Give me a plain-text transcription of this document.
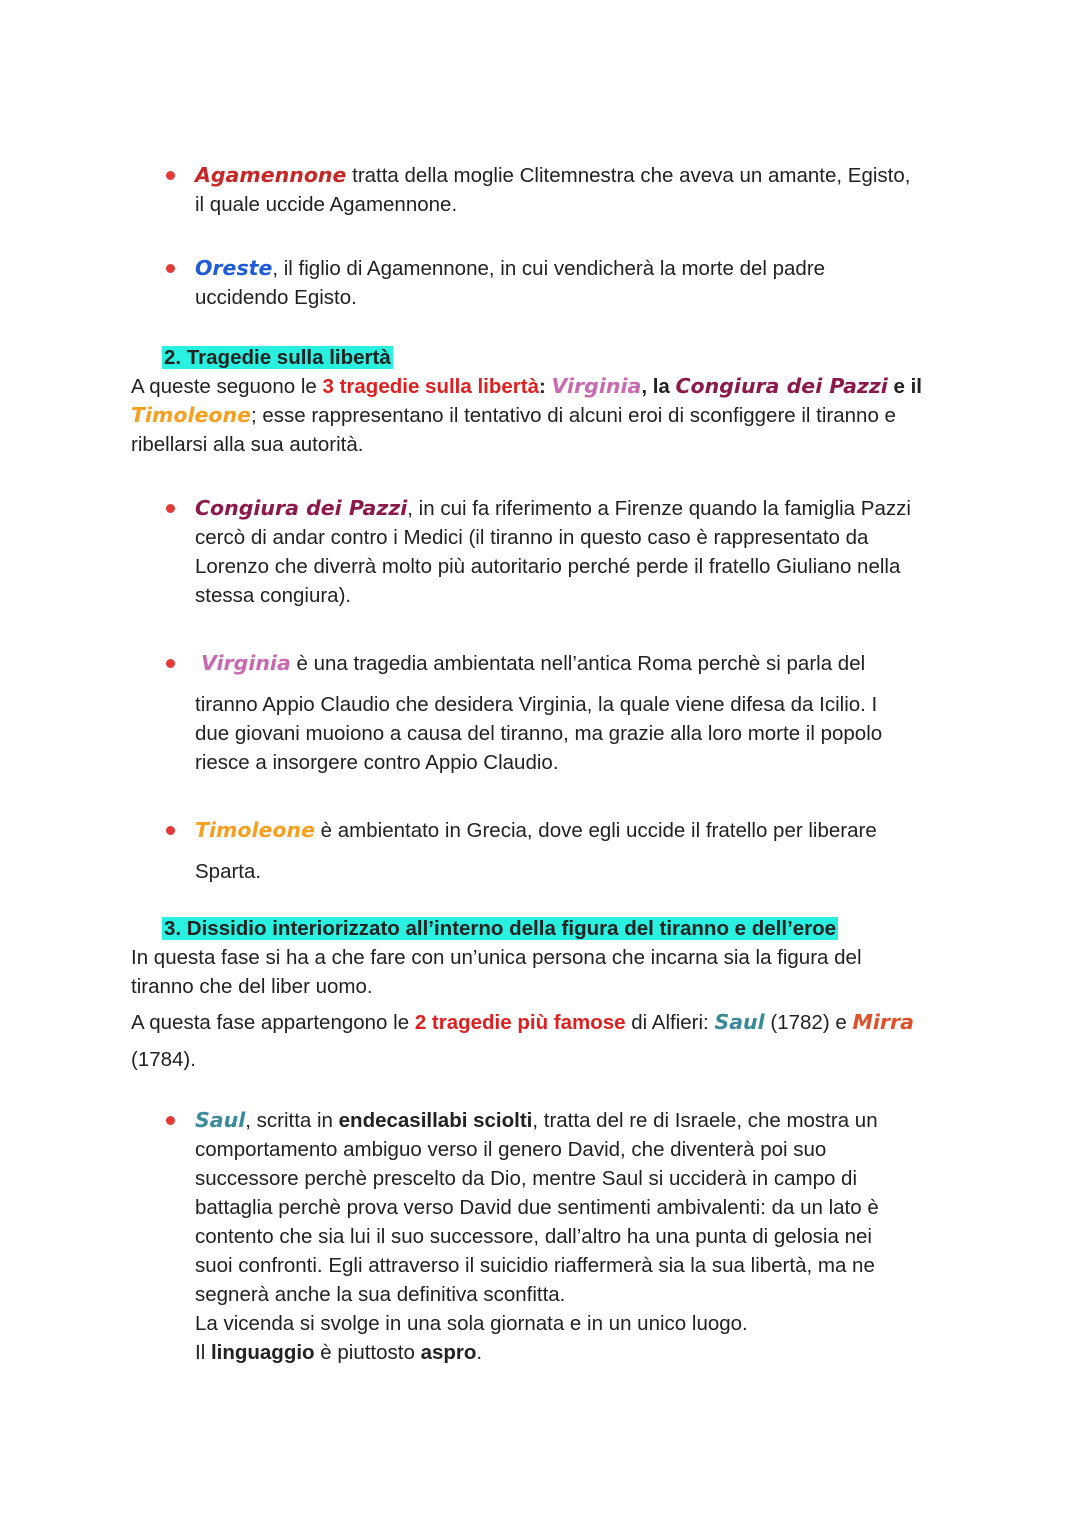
Agamennone tratta della moglie Clitemnestra che aveva un amante, Egisto,

il quale uccide Agamennone.

Oreste, il figlio di Agamennone, in cui vendicherà la morte del padre

uccidendo Egisto.

2. Tragedie sulla libertà

A queste seguono le 3 tragedie sulla libertà: Virginia, la Congiura dei Pazzi e il

Timoleone; esse rappresentano il tentativo di alcuni eroi di sconfiggere il tiranno e

ribellarsi alla sua autorità.

Congiura dei Pazzi, in cui fa riferimento a Firenze quando la famiglia Pazzi

cercò di andar contro i Medici (il tiranno in questo caso è rappresentato da

Lorenzo che diverrà molto più autoritario perché perde il fratello Giuliano nella

stessa congiura).

Virginia è una tragedia ambientata nell’antica Roma perchè si parla del

tiranno Appio Claudio che desidera Virginia, la quale viene difesa da Icilio. I

due giovani muoiono a causa del tiranno, ma grazie alla loro morte il popolo

riesce a insorgere contro Appio Claudio.

Timoleone è ambientato in Grecia, dove egli uccide il fratello per liberare

Sparta.

3. Dissidio interiorizzato all’interno della figura del tiranno e dell’eroe

In questa fase si ha a che fare con un’unica persona che incarna sia la figura del

tiranno che del liber uomo.

A questa fase appartengono le 2 tragedie più famose di Alfieri: Saul (1782) e Mirra

(1784).

Saul, scritta in endecasillabi sciolti, tratta del re di Israele, che mostra un

comportamento ambiguo verso il genero David, che diventerà poi suo

successore perchè prescelto da Dio, mentre Saul si ucciderà in campo di

battaglia perchè prova verso David due sentimenti ambivalenti: da un lato è

contento che sia lui il suo successore, dall’altro ha una punta di gelosia nei

suoi confronti. Egli attraverso il suicidio riaffermerà sia la sua libertà, ma ne

segnerà anche la sua definitiva sconfitta.

La vicenda si svolge in una sola giornata e in un unico luogo.

Il linguaggio è piuttosto aspro.
